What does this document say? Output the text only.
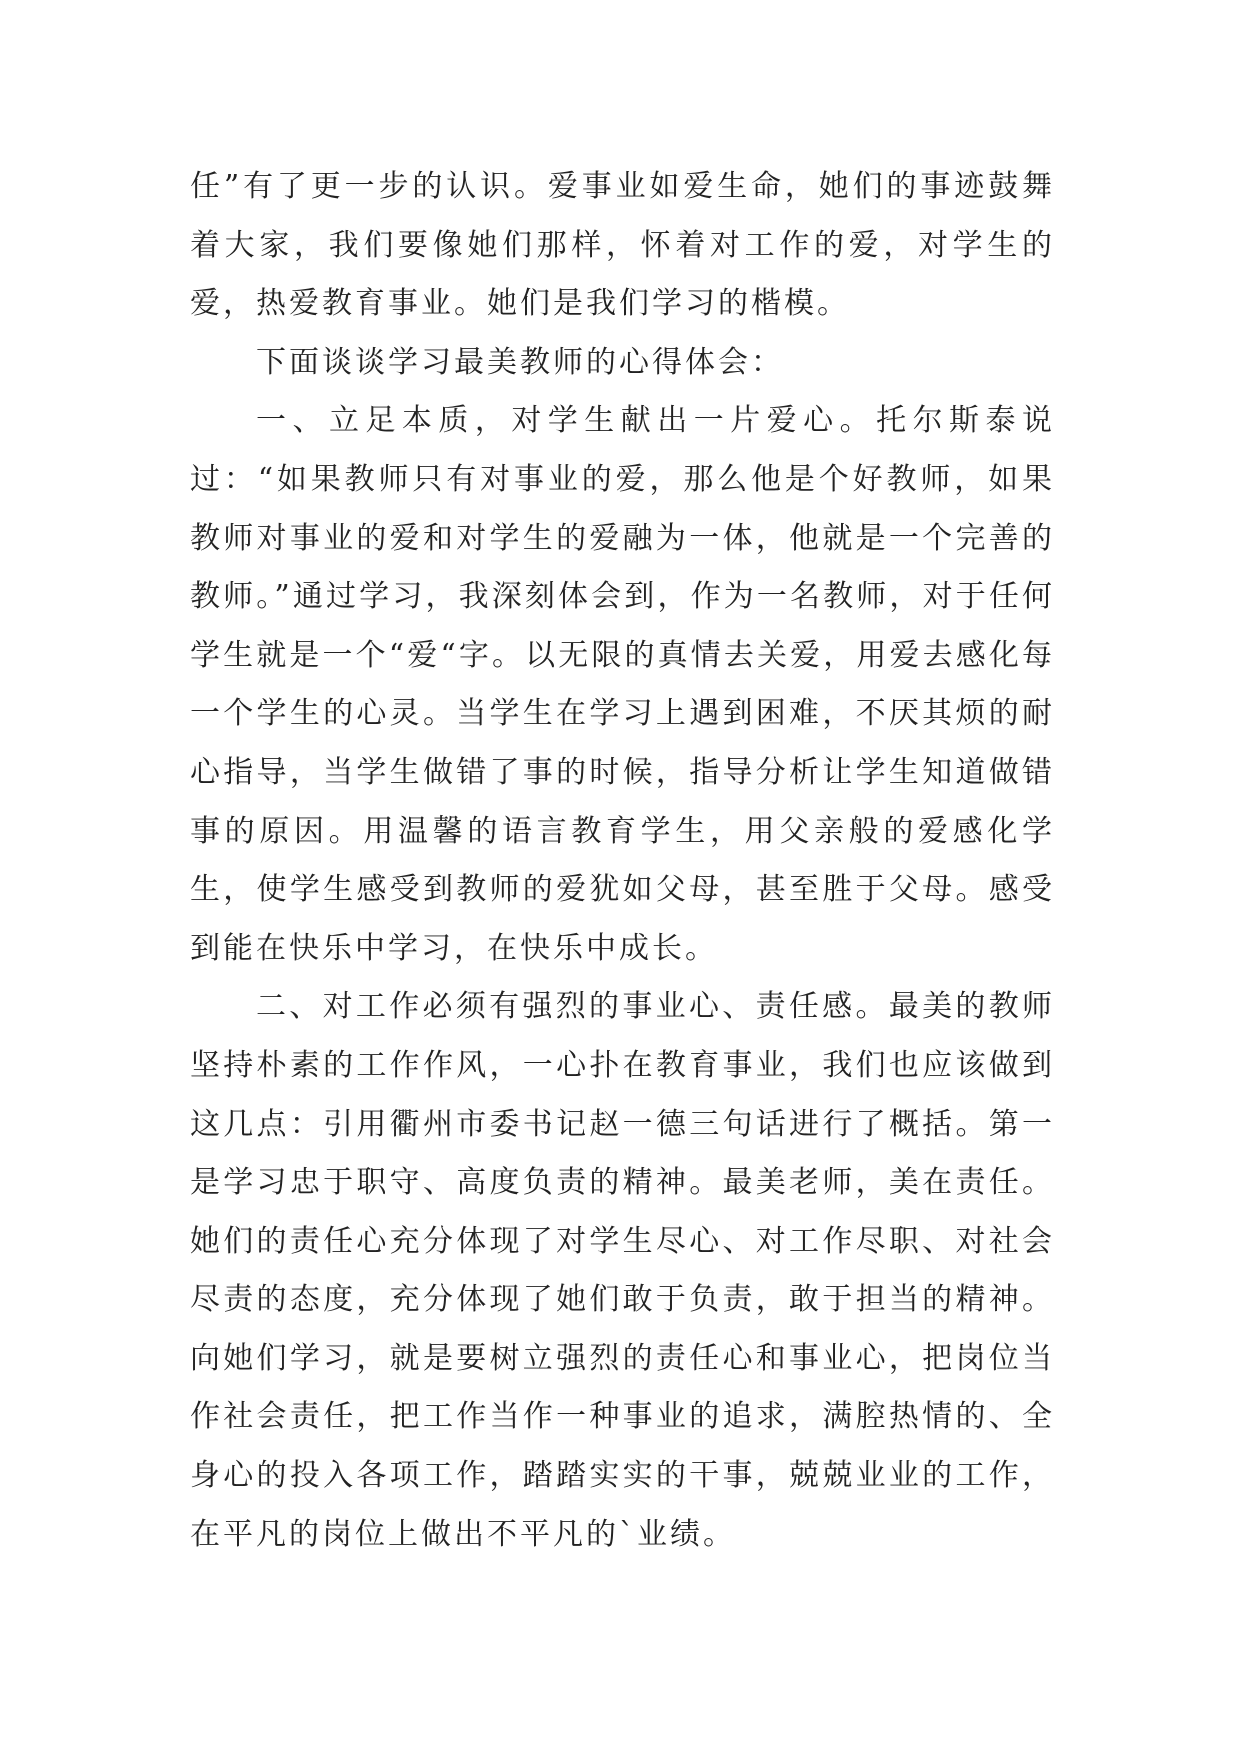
任”有了更一步的认识。爱事业如爱生命，她们的事迹鼓舞着大家，我们要像她们那样，怀着对工作的爱，对学生的爱，热爱教育事业。她们是我们学习的楷模。

下面谈谈学习最美教师的心得体会：

一、立足本质，对学生献出一片爱心。托尔斯泰说过：“如果教师只有对事业的爱，那么他是个好教师，如果教师对事业的爱和对学生的爱融为一体，他就是一个完善的教师。”通过学习，我深刻体会到，作为一名教师，对于任何学生就是一个“爱“字。以无限的真情去关爱，用爱去感化每一个学生的心灵。当学生在学习上遇到困难，不厌其烦的耐心指导，当学生做错了事的时候，指导分析让学生知道做错事的原因。用温馨的语言教育学生，用父亲般的爱感化学生，使学生感受到教师的爱犹如父母，甚至胜于父母。感受到能在快乐中学习，在快乐中成长。

二、对工作必须有强烈的事业心、责任感。最美的教师坚持朴素的工作作风，一心扑在教育事业，我们也应该做到这几点：引用衢州市委书记赵一德三句话进行了概括。第一是学习忠于职守、高度负责的精神。最美老师，美在责任。她们的责任心充分体现了对学生尽心、对工作尽职、对社会尽责的态度，充分体现了她们敢于负责，敢于担当的精神。向她们学习，就是要树立强烈的责任心和事业心，把岗位当作社会责任，把工作当作一种事业的追求，满腔热情的、全身心的投入各项工作，踏踏实实的干事，兢兢业业的工作，在平凡的岗位上做出不平凡的`业绩。
